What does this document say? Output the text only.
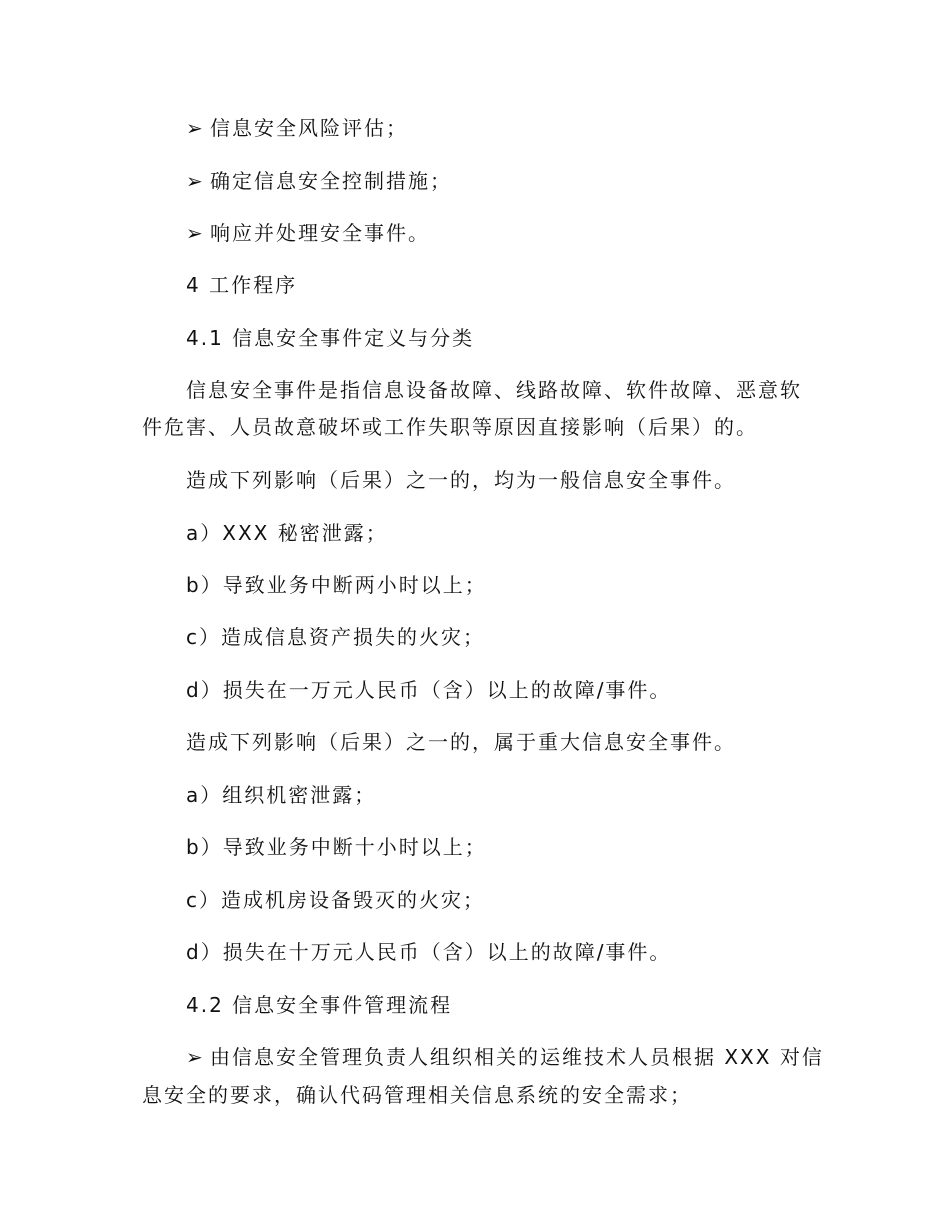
➢ 信息安全风险评估；
➢ 确定信息安全控制措施；
➢ 响应并处理安全事件。
4 工作程序
4.1 信息安全事件定义与分类
信息安全事件是指信息设备故障、线路故障、软件故障、恶意软
件危害、人员故意破坏或工作失职等原因直接影响（后果）的。
造成下列影响（后果）之一的，均为一般信息安全事件。
a）XXX 秘密泄露；
b）导致业务中断两小时以上；
c）造成信息资产损失的火灾；
d）损失在一万元人民币（含）以上的故障/事件。
造成下列影响（后果）之一的，属于重大信息安全事件。
a）组织机密泄露；
b）导致业务中断十小时以上；
c）造成机房设备毁灭的火灾；
d）损失在十万元人民币（含）以上的故障/事件。
4.2 信息安全事件管理流程
➢ 由信息安全管理负责人组织相关的运维技术人员根据 XXX 对信
息安全的要求，确认代码管理相关信息系统的安全需求；
